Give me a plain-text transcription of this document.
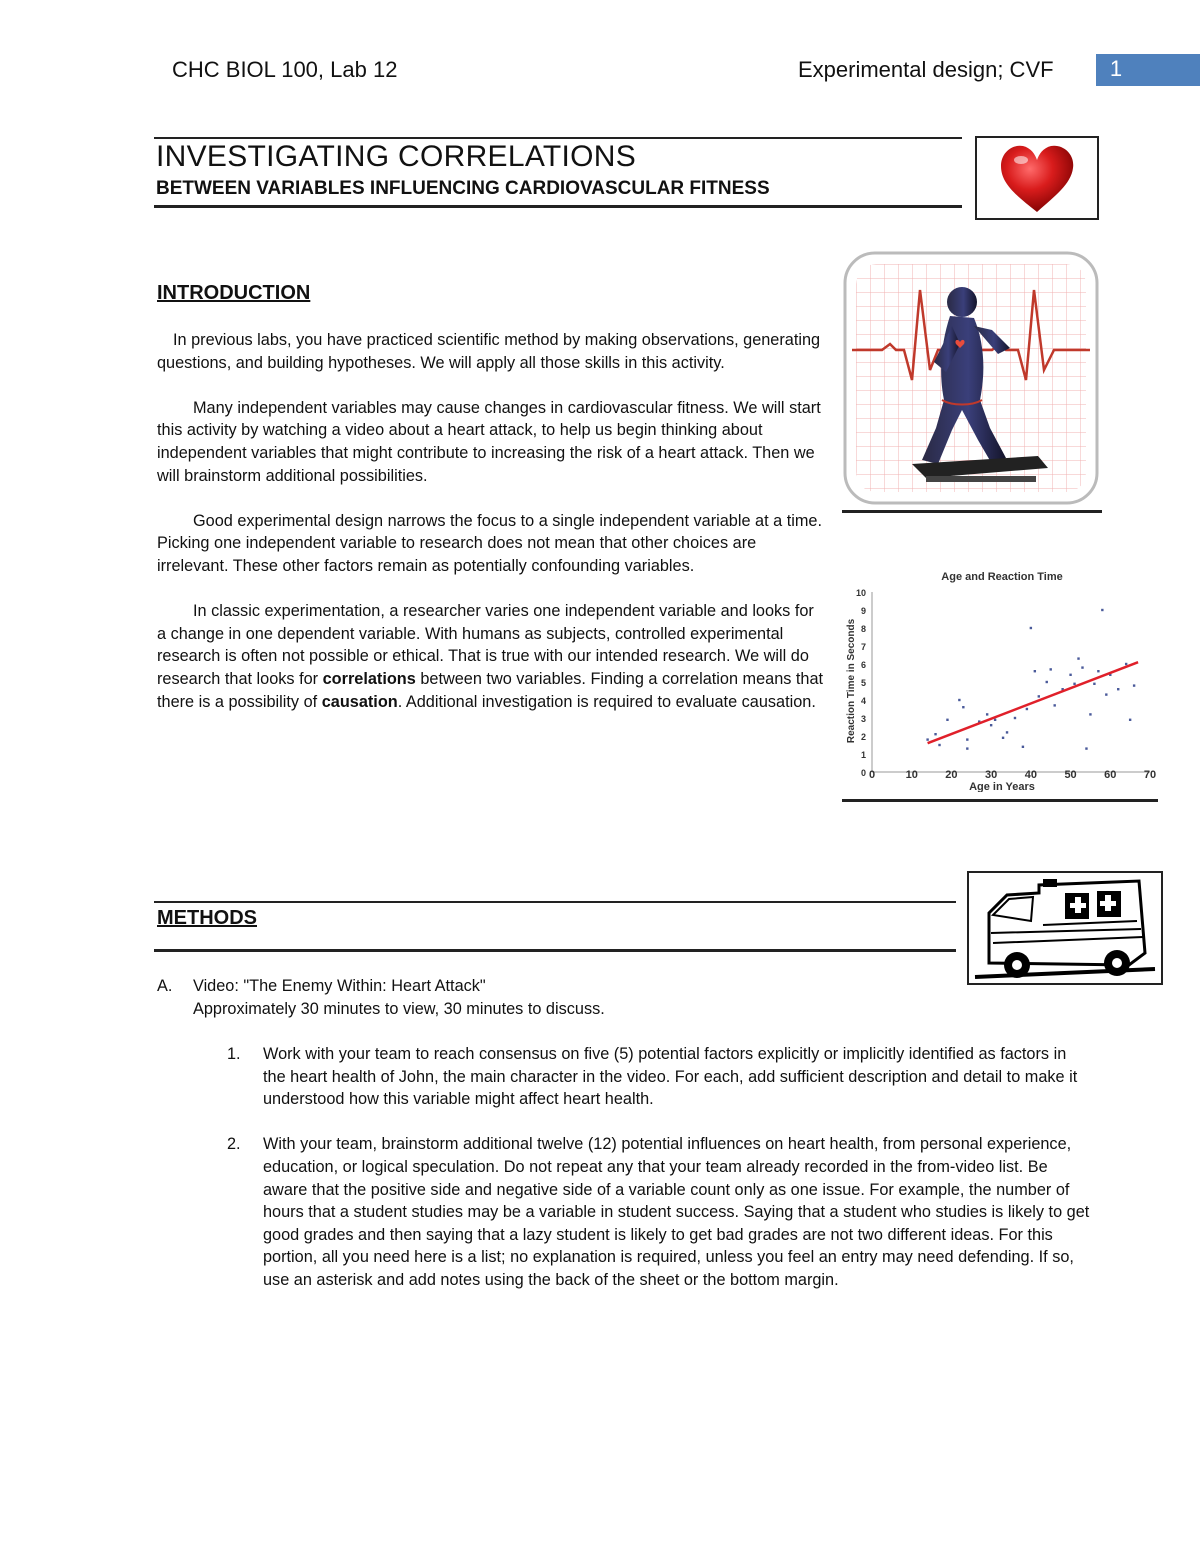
CHC BIOL 100, Lab 12	Experimental design; CVF	1
INVESTIGATING CORRELATIONS
BETWEEN VARIABLES INFLUENCING CARDIOVASCULAR FITNESS
INTRODUCTION

In previous labs, you have practiced scientific method by making observations, generating questions, and building hypotheses. We will apply all those skills in this activity.

Many independent variables may cause changes in cardiovascular fitness. We will start this activity by watching a video about a heart attack, to help us begin thinking about independent variables that might contribute to increasing the risk of a heart attack. Then we will brainstorm additional possibilities.

Good experimental design narrows the focus to a single independent variable at a time. Picking one independent variable to research does not mean that other choices are irrelevant. These other factors remain as potentially confounding variables.

In classic experimentation, a researcher varies one independent variable and looks for a change in one dependent variable. With humans as subjects, controlled experimental research is often not possible or ethical. That is true with our intended research. We will do research that looks for correlations between two variables. Finding a correlation means that there is a possibility of causation. Additional investigation is required to evaluate causation.

Age and Reaction Time
0	10 20 30 40 50 60 70
0
1
2
3
4
5
6
7
8
9
10
Age in Years
Reaction Time in Seconds
METHODS
A. Video: "The Enemy Within: Heart Attack"
Approximately 30 minutes to view, 30 minutes to discuss.
1. Work with your team to reach consensus on five (5) potential factors explicitly or implicitly identified as factors in the heart health of John, the main character in the video. For each, add sufficient description and detail to make it understood how this variable might affect heart health.
2. With your team, brainstorm additional twelve (12) potential influences on heart health, from personal experience, education, or logical speculation. Do not repeat any that your team already recorded in the from-video list. Be aware that the positive side and negative side of a variable count only as one issue. For example, the number of hours that a student studies may be a variable in student success. Saying that a student who studies is likely to get good grades and then saying that a lazy student is likely to get bad grades are not two different ideas. For this portion, all you need here is a list; no explanation is required, unless you feel an entry may need defending. If so, use an asterisk and add notes using the back of the sheet or the bottom margin.
